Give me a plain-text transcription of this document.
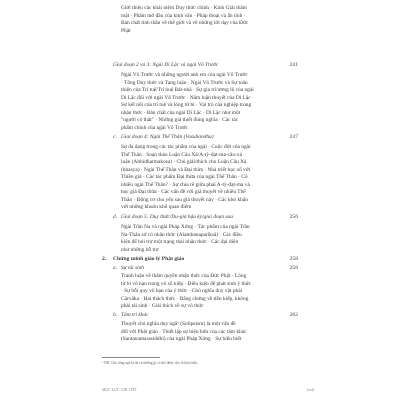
Giới thiệu các khái niệm Duy thức chính · Kinh Giải thâm
mật · Phẩm mở đầu của kinh văn · Pháp thoại và ẩn tính ·
Bản chất tinh thần về thế giới và về những lời dạy của Đức
Phật
Giai đoạn 2 và 3: Ngài Di Lặc và ngài Vô Trước	241
Ngài Vô Trước và những người anh em của ngài Vô Trước
· Tông Duy thức và Tạng luận · Ngài Vô Trước và Sự toàn
thiện của Trí tuệ/Trí huệ Bát-nhã · Sự gia trì/ương lộ của ngài
Di Lặc đối với ngài Vô Trước · Năm luận thuyết của Di Lặc ·
Sự kết nối của trí tuệ và lòng từ bi · Vai trò của nghiệp trong
nhận thức · Bản chất của ngài Di Lặc · Di Lặc như một
"người có thật" · Những giá thiết đúng nghĩa · Các tác
phẩm chính của ngài Vô Trước
c. Giai đoạn 4: Ngài Thế Thân (Vasubandhu)	247
Sự đa dạng trong các tác phẩm của ngài · Cuộc đời của ngài
Thế Thân · Soạn thảo Luận Câu Xá/A-tỳ-đạt-ma-câu-xá
luận (Abhidharmakosa) · Chủ giải/thích cho Luận Câu Xá
(bhasya) · Ngài Thế Thân và Đại thừa · Nhà triết học số với
Thiền giả · Các tác phẩm Đại thừa của ngài Thế Thân · Có
nhiều ngài Thế Thân? · Sự chia rẽ giữa phái A-tỳ-đạt-ma và
học giả Đại thừa · Các vấn đề với giả thuyết về nhiều Thế
Thân · Động cơ cho yếu sau giả thuyết này · Các khó khăn
với những khuôn khổ quan điểm
d. Giai đoạn 5: Duy thức/Du-già hậu kỳ/giai đoạn sau	256
Ngài Trần Na và ngài Pháp Xứng · Tác phẩm của ngài Trần
Na-Thắn sở có nhân thức (Alambanaparīksā) · Các điều
kiện để hỏi trợ một trạng thái nhận thức · Các đại diện
như những hỗ trợ
2. Chứng minh giáo lý Phật giáo	258
a. Sự tái sinh	258
Tranh luận về thẩm quyền nhận thức của Đức Phật · Lòng
từ bi vô hạn trong vô số kiếp · Điều kiện để phát sinh ý thức
· Sự hỗi quy vô hạn của ý thức · Chủ nghĩa duy vật phái
Cārvāka · Hai thách thức · Bằng chứng về tiền kiếp, không
phải tái sinh · Giải thích về sự vô thức
b. Tâm tri khác	262
Thuyết chủ nghĩa duy ngã¹ (Solipsism) là một vấn đề
đối với Phật giáo · Thiết lập sự hiện hữu của các tâm khác
(Santanantarasiddhi) của ngài Pháp Xứng · Sự hiểu biết
¹ ND: Cho rằng ngã là tất cả những gì có thể được cho là hiện hữu.
MỤC LỤC CHI TIẾT	[xvi]
